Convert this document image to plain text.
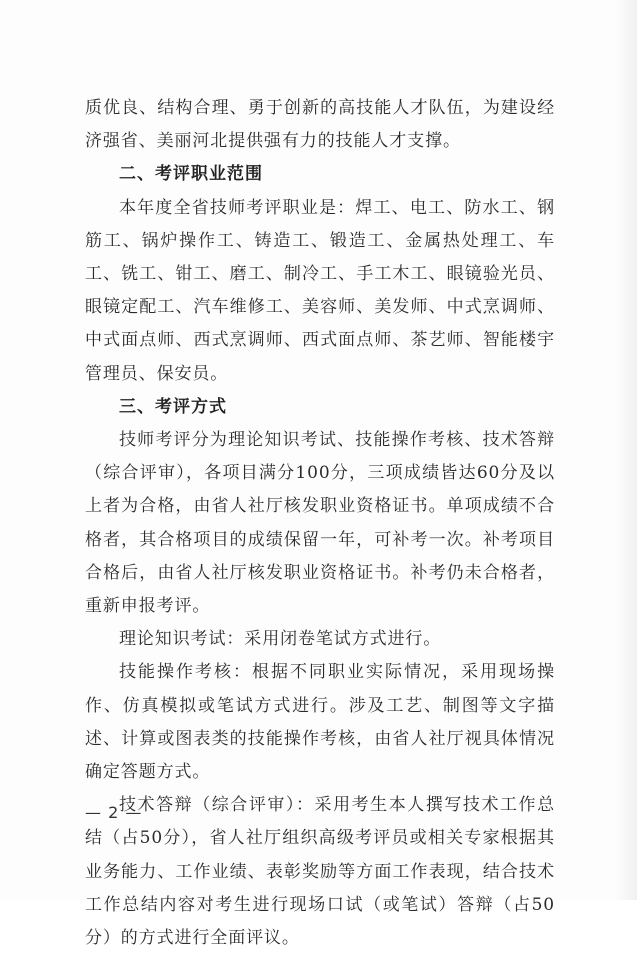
质优良、结构合理、勇于创新的高技能人才队伍，为建设经济强省、美丽河北提供强有力的技能人才支撑。

二、考评职业范围

本年度全省技师考评职业是：焊工、电工、防水工、钢筋工、锅炉操作工、铸造工、锻造工、金属热处理工、车工、铣工、钳工、磨工、制冷工、手工木工、眼镜验光员、眼镜定配工、汽车维修工、美容师、美发师、中式烹调师、中式面点师、西式烹调师、西式面点师、茶艺师、智能楼宇管理员、保安员。

三、考评方式

技师考评分为理论知识考试、技能操作考核、技术答辩（综合评审），各项目满分100分，三项成绩皆达60分及以上者为合格，由省人社厅核发职业资格证书。单项成绩不合格者，其合格项目的成绩保留一年，可补考一次。补考项目合格后，由省人社厅核发职业资格证书。补考仍未合格者，重新申报考评。

理论知识考试：采用闭卷笔试方式进行。

技能操作考核：根据不同职业实际情况，采用现场操作、仿真模拟或笔试方式进行。涉及工艺、制图等文字描述、计算或图表类的技能操作考核，由省人社厅视具体情况确定答题方式。

技术答辩（综合评审）：采用考生本人撰写技术工作总结（占50分），省人社厅组织高级考评员或相关专家根据其业务能力、工作业绩、表彰奖励等方面工作表现，结合技术工作总结内容对考生进行现场口试（或笔试）答辩（占50分）的方式进行全面评议。

— 2 —
